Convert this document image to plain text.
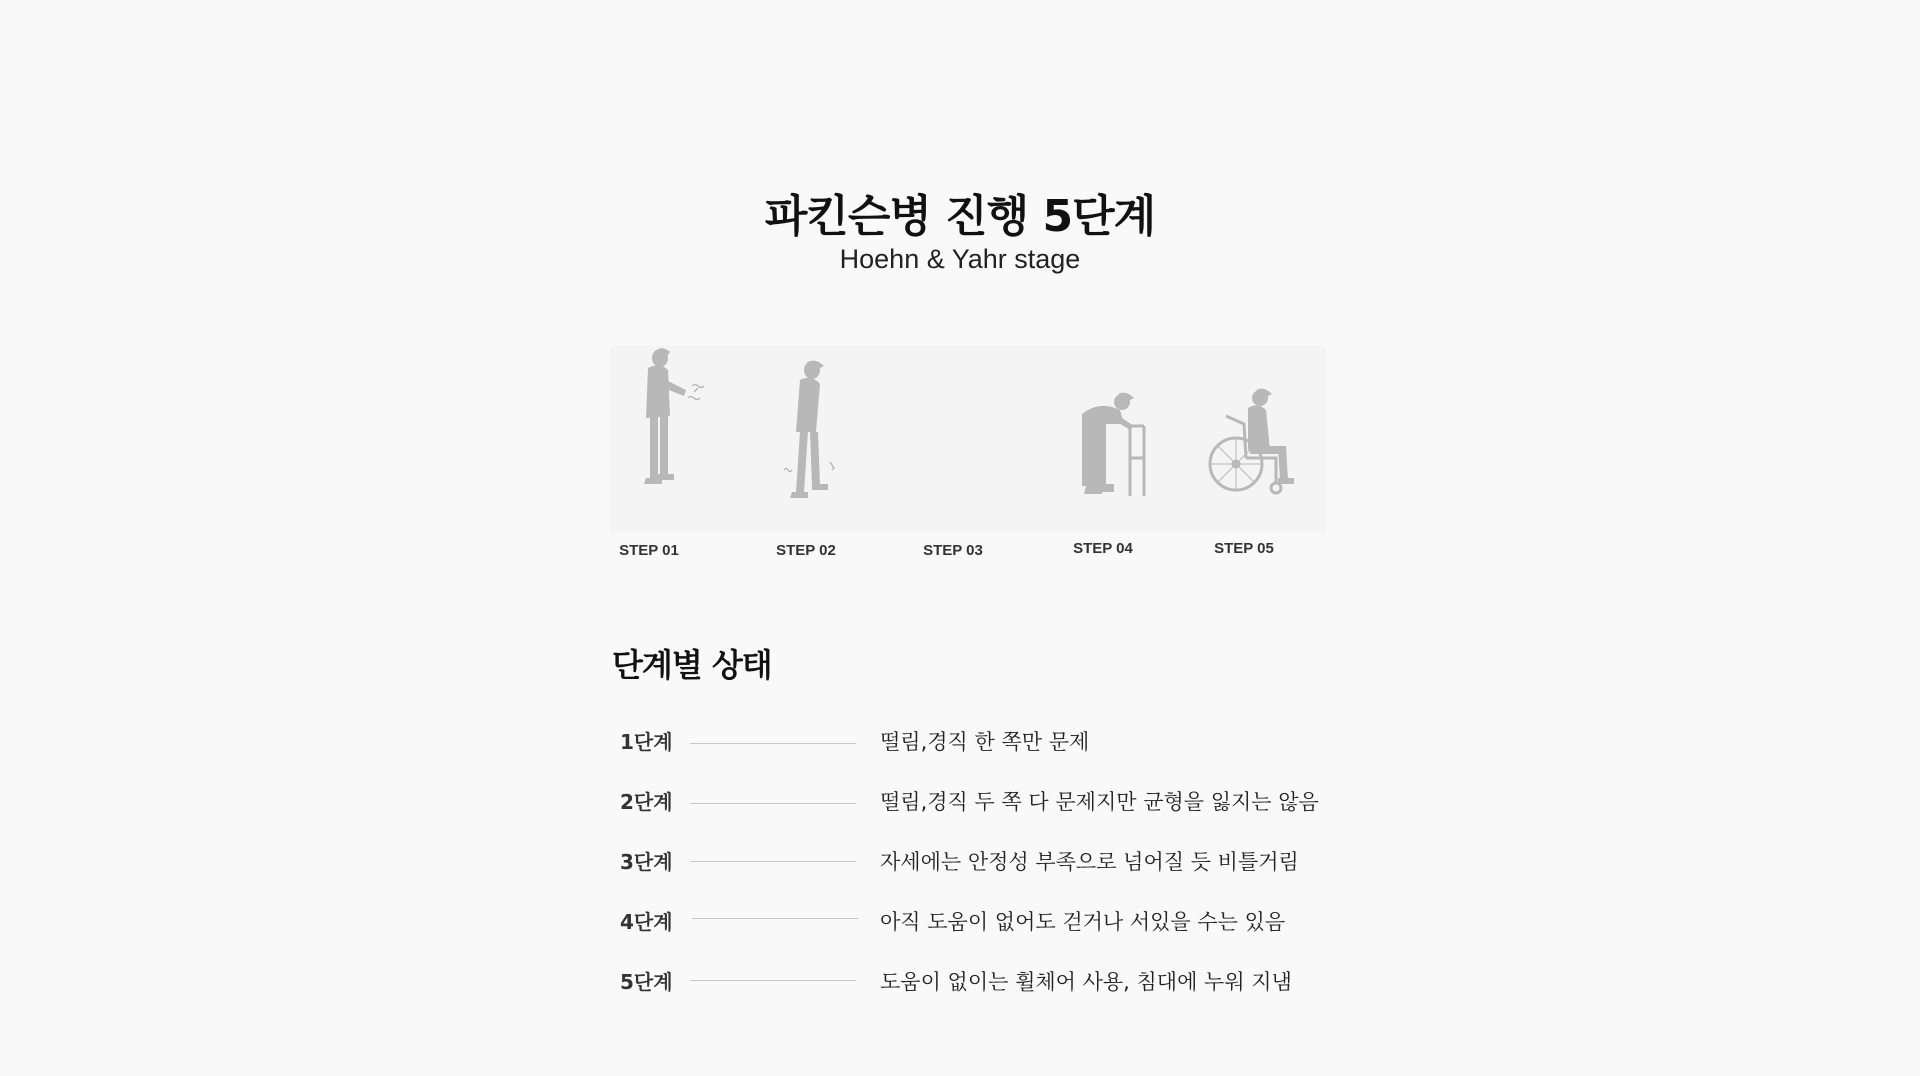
파킨슨병 진행 5단계
Hoehn & Yahr stage
STEP 01	STEP 02	STEP 03	STEP 04	STEP 05
단계별 상태
1단계	떨림,경직 한 쪽만 문제
2단계	떨림,경직 두 쪽 다 문제지만 균형을 잃지는 않음
3단계	자세에는 안정성 부족으로 넘어질 듯 비틀거림
4단계	아직 도움이 없어도 걷거나 서있을 수는 있음
5단계	도움이 없이는 휠체어 사용, 침대에 누워 지냄
